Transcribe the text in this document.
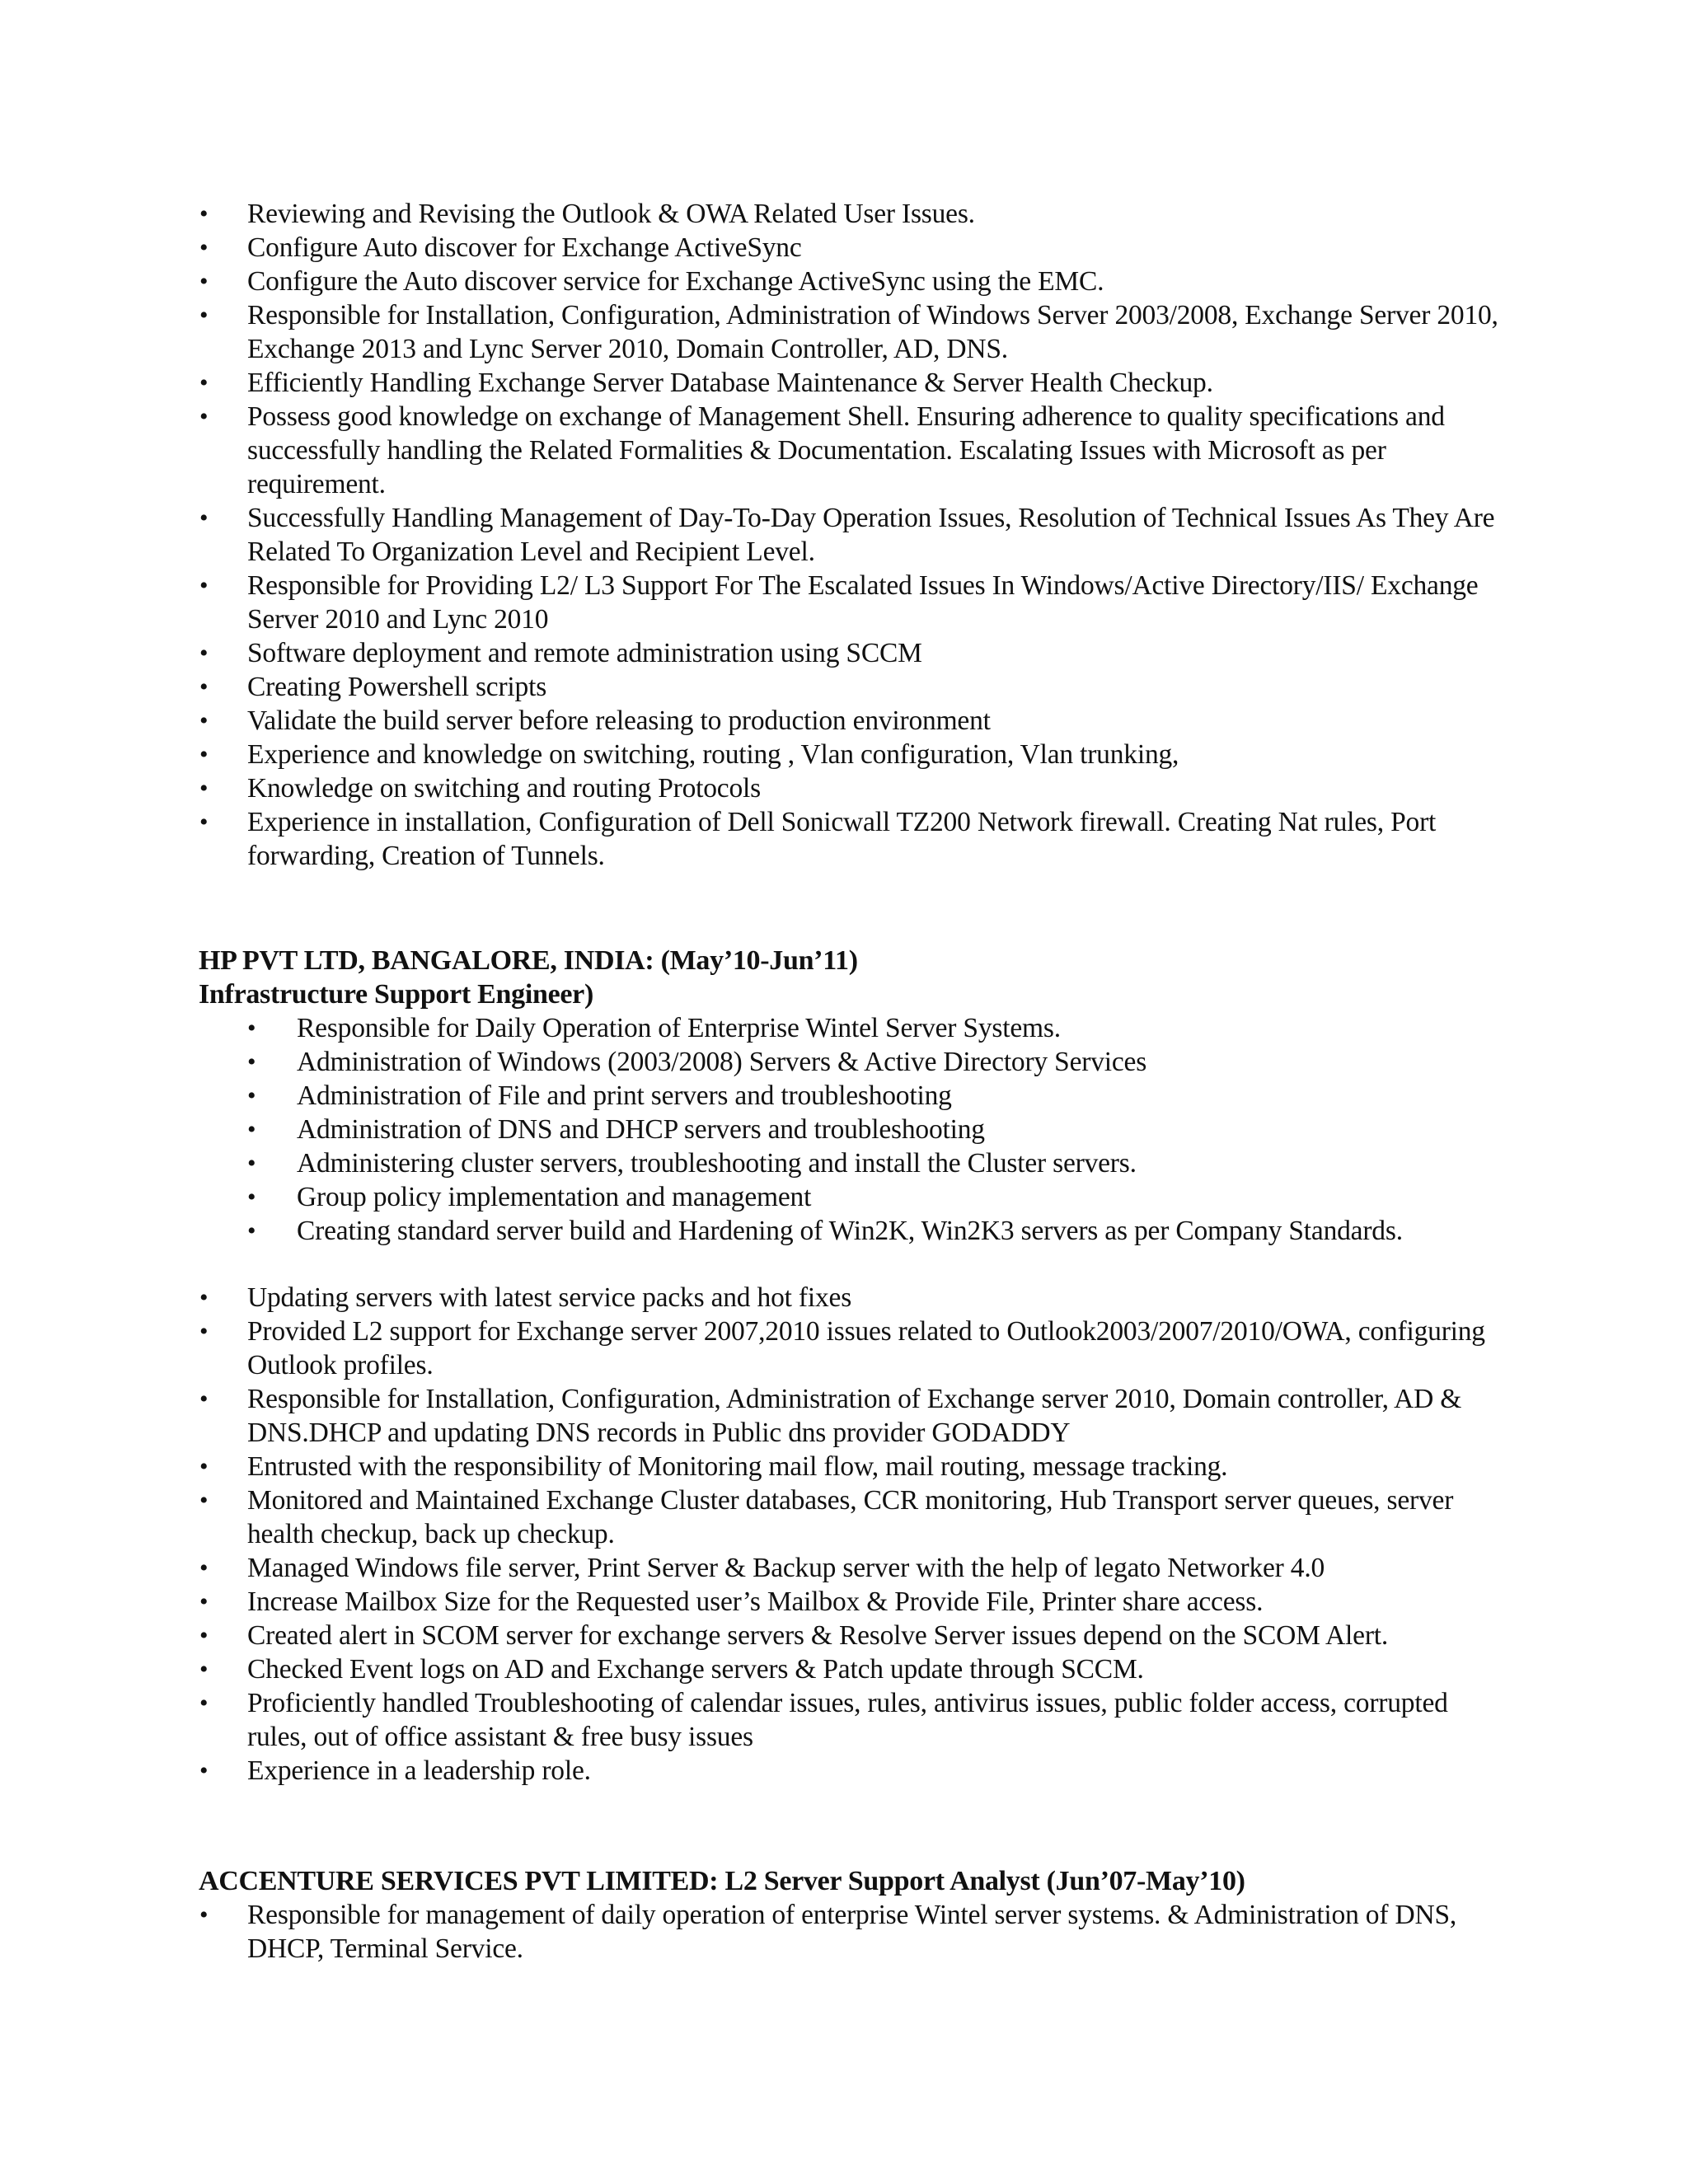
• Reviewing and Revising the Outlook & OWA Related User Issues.
• Configure Auto discover for Exchange ActiveSync
• Configure the Auto discover service for Exchange ActiveSync using the EMC.
• Responsible for Installation, Configuration, Administration of Windows Server 2003/2008, Exchange Server 2010, Exchange 2013 and Lync Server 2010, Domain Controller, AD, DNS.
• Efficiently Handling Exchange Server Database Maintenance & Server Health Checkup.
• Possess good knowledge on exchange of Management Shell. Ensuring adherence to quality specifications and successfully handling the Related Formalities & Documentation. Escalating Issues with Microsoft as per requirement.
• Successfully Handling Management of Day-To-Day Operation Issues, Resolution of Technical Issues As They Are Related To Organization Level and Recipient Level.
• Responsible for Providing L2/ L3 Support For The Escalated Issues In Windows/Active Directory/IIS/ Exchange Server 2010 and Lync 2010
• Software deployment and remote administration using SCCM
• Creating Powershell scripts
• Validate the build server before releasing to production environment
• Experience and knowledge on switching, routing , Vlan configuration, Vlan trunking,
• Knowledge on switching and routing Protocols
• Experience in installation, Configuration of Dell Sonicwall TZ200 Network firewall. Creating Nat rules, Port forwarding, Creation of Tunnels.
HP PVT LTD, BANGALORE, INDIA: (May’10-Jun’11)
Infrastructure Support Engineer)
• Responsible for Daily Operation of Enterprise Wintel Server Systems.
• Administration of Windows (2003/2008) Servers & Active Directory Services
• Administration of File and print servers and troubleshooting
• Administration of DNS and DHCP servers and troubleshooting
• Administering cluster servers, troubleshooting and install the Cluster servers.
• Group policy implementation and management
• Creating standard server build and Hardening of Win2K, Win2K3 servers as per Company Standards.
• Updating servers with latest service packs and hot fixes
• Provided L2 support for Exchange server 2007,2010 issues related to Outlook2003/2007/2010/OWA, configuring Outlook profiles.
• Responsible for Installation, Configuration, Administration of Exchange server 2010, Domain controller, AD & DNS.DHCP and updating DNS records in Public dns provider GODADDY
• Entrusted with the responsibility of Monitoring mail flow, mail routing, message tracking.
• Monitored and Maintained Exchange Cluster databases, CCR monitoring, Hub Transport server queues, server health checkup, back up checkup.
• Managed Windows file server, Print Server & Backup server with the help of legato Networker 4.0
• Increase Mailbox Size for the Requested user’s Mailbox & Provide File, Printer share access.
• Created alert in SCOM server for exchange servers & Resolve Server issues depend on the SCOM Alert.
• Checked Event logs on AD and Exchange servers & Patch update through SCCM.
• Proficiently handled Troubleshooting of calendar issues, rules, antivirus issues, public folder access, corrupted rules, out of office assistant & free busy issues
• Experience in a leadership role.
ACCENTURE SERVICES PVT LIMITED: L2 Server Support Analyst (Jun’07-May’10)
• Responsible for management of daily operation of enterprise Wintel server systems. & Administration of DNS, DHCP, Terminal Service.
